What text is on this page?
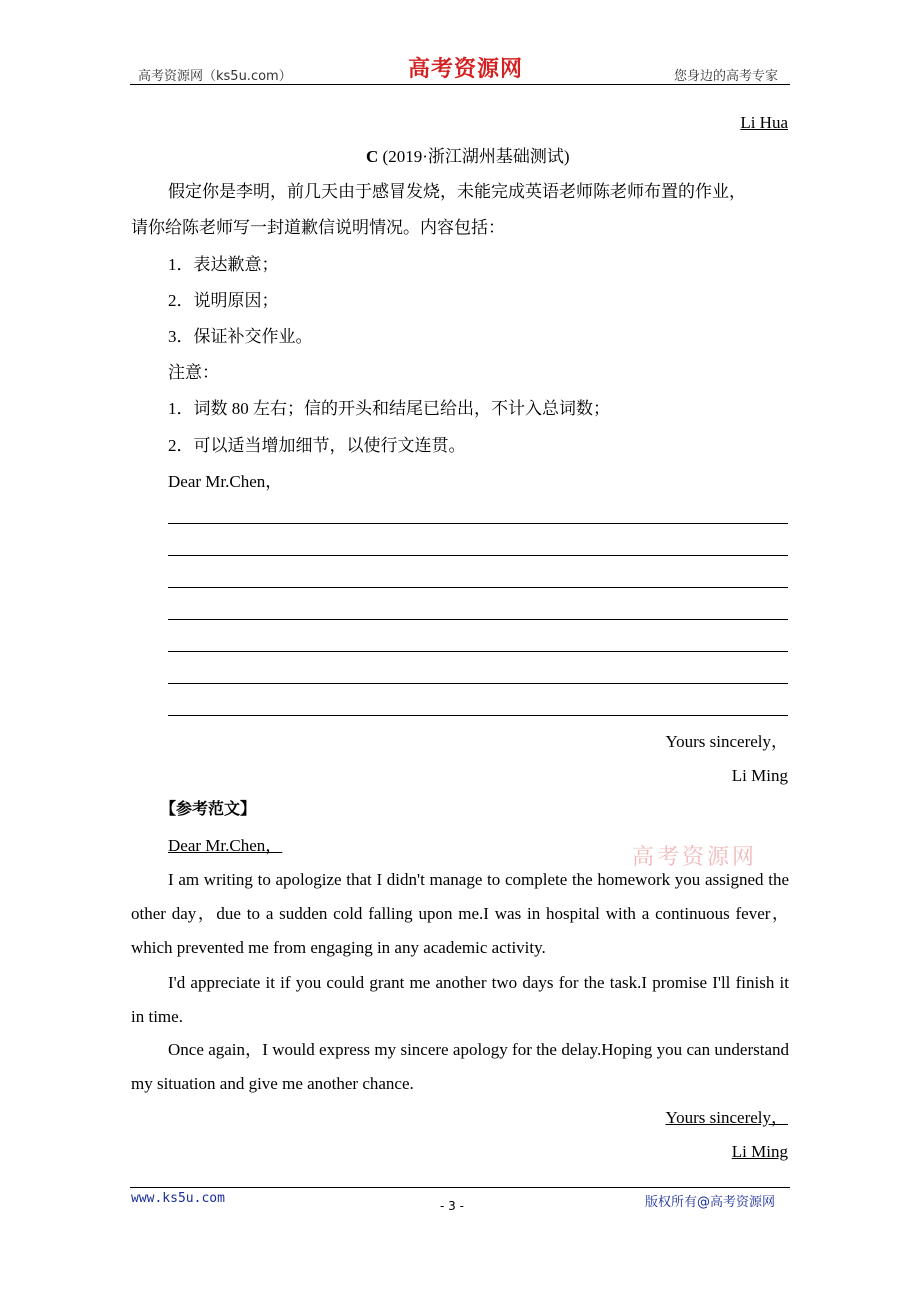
高考资源网（ks5u.com）	高考资源网	您身边的高考专家
Li Hua
C (2019·浙江湖州基础测试)
假定你是李明，前几天由于感冒发烧，未能完成英语老师陈老师布置的作业，
请你给陈老师写一封道歉信说明情况。内容包括：
1．表达歉意；
2．说明原因；
3．保证补交作业。
注意：
1．词数 80 左右；信的开头和结尾已给出，不计入总词数；
2．可以适当增加细节，以使行文连贯。
Dear Mr.Chen，
Yours sincerely，
Li Ming
【参考范文】
Dear Mr.Chen，	高考资源网
I am writing to apologize that I didn't manage to complete the homework you assigned the other day，due to a sudden cold falling upon me.I was in hospital with a continuous fever，which prevented me from engaging in any academic activity.
I'd appreciate it if you could grant me another two days for the task.I promise I'll finish it in time.
Once again，I would express my sincere apology for the delay.Hoping you can understand my situation and give me another chance.
Yours sincerely，
Li Ming
www.ks5u.com	- 3 -	版权所有@高考资源网
